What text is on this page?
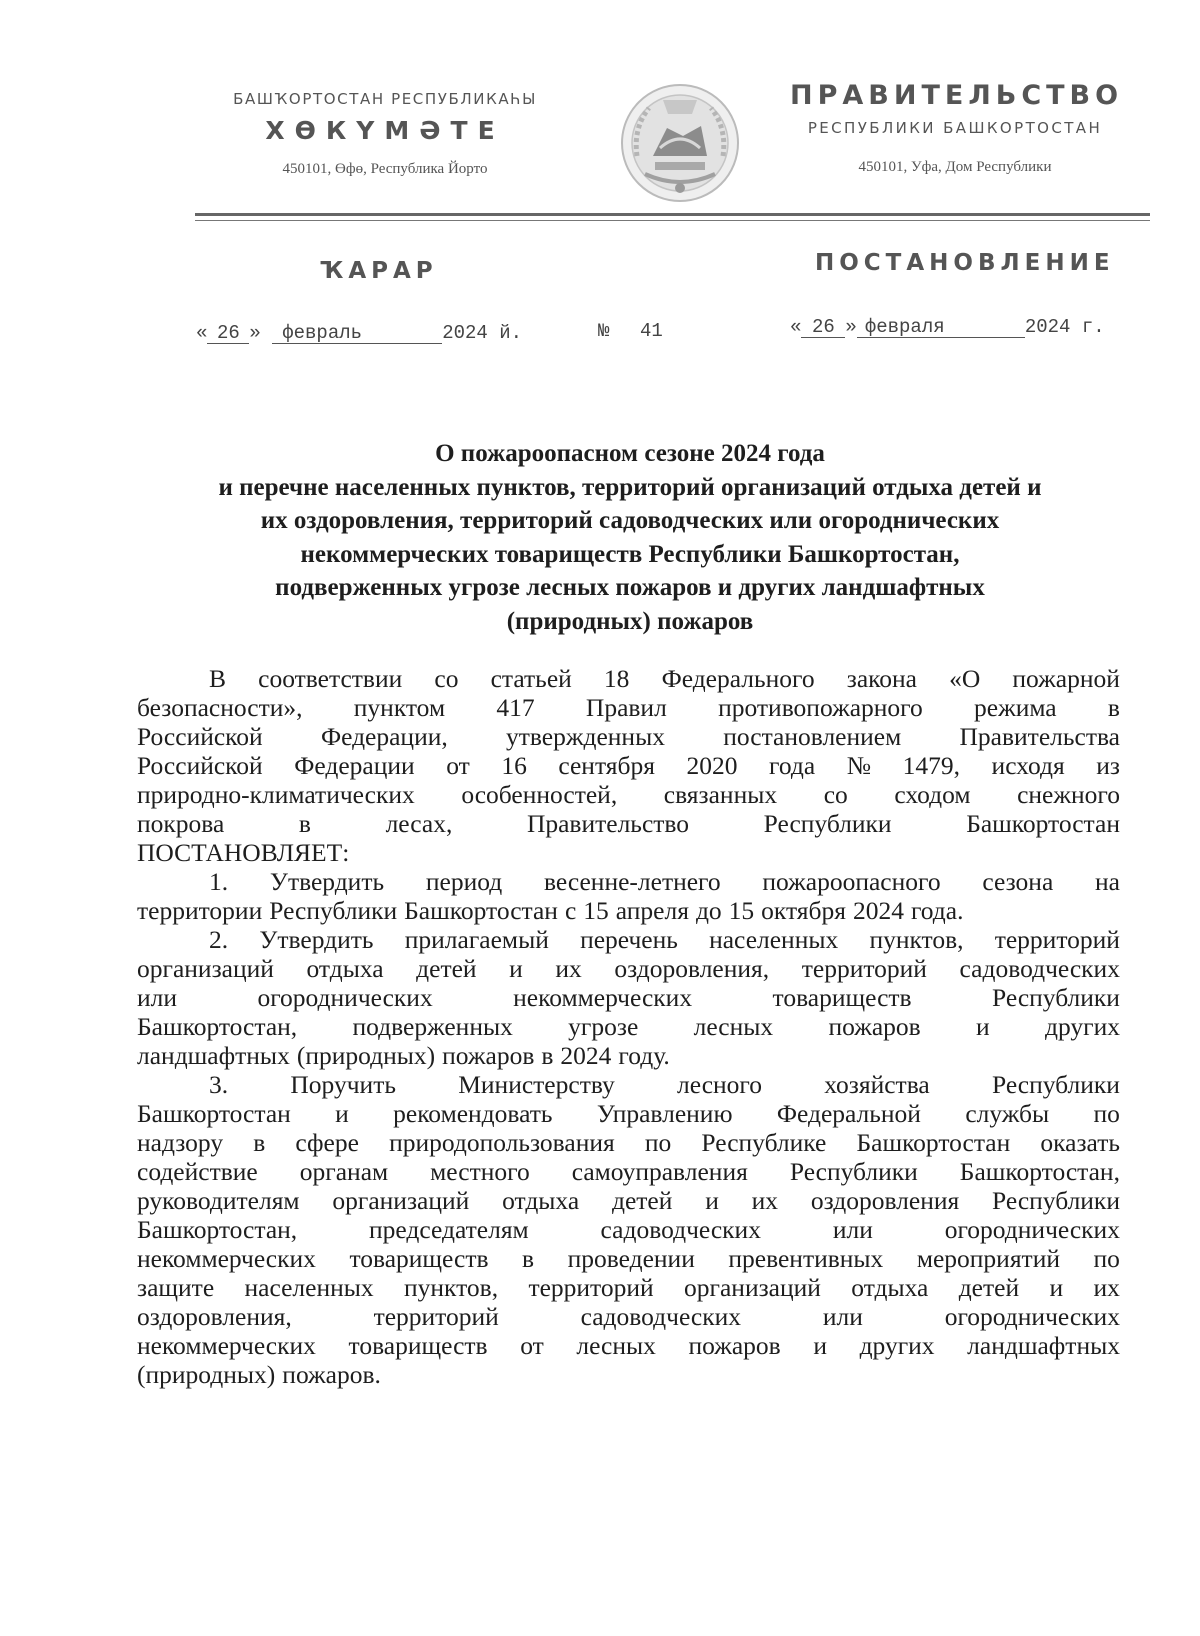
БАШҠОРТОСТАН РЕСПУБЛИКАҺЫ
ХӨКҮМӘТЕ
450101, Өфө, Республика Йорто
ПРАВИТЕЛЬСТВО
РЕСПУБЛИКИ БАШКОРТОСТАН
450101, Уфа, Дом Республики
ҠАРАР	ПОСТАНОВЛЕНИЕ
« 26 » февраль	2024 й.	№ 41	« 26 » февраля	2024 г.
О пожароопасном сезоне 2024 года
и перечне населенных пунктов, территорий организаций отдыха детей и
их оздоровления, территорий садоводческих или огороднических
некоммерческих товариществ Республики Башкортостан,
подверженных угрозе лесных пожаров и других ландшафтных
(природных) пожаров
В соответствии со статьей 18 Федерального закона «О пожарной
безопасности», пунктом 417 Правил противопожарного режима в
Российской Федерации, утвержденных постановлением Правительства
Российской Федерации от 16 сентября 2020 года № 1479, исходя из
природно-климатических особенностей, связанных со сходом снежного
покрова	в	лесах,	Правительство	Республики	Башкортостан
ПОСТАНОВЛЯЕТ:
1. Утвердить период весенне-летнего пожароопасного сезона на
территории Республики Башкортостан с 15 апреля до 15 октября 2024 года.
2. Утвердить прилагаемый перечень населенных пунктов, территорий
организаций отдыха детей и их оздоровления, территорий садоводческих
или	огороднических	некоммерческих	товариществ	Республики
Башкортостан, подверженных угрозе лесных пожаров и других
ландшафтных (природных) пожаров в 2024 году.
3. Поручить Министерству лесного хозяйства Республики
Башкортостан и рекомендовать Управлению Федеральной службы по
надзору в сфере природопользования по Республике Башкортостан оказать
содействие органам местного самоуправления Республики Башкортостан,
руководителям организаций отдыха детей и их оздоровления Республики
Башкортостан,	председателям	садоводческих	или	огороднических
некоммерческих товариществ в проведении превентивных мероприятий по
защите населенных пунктов, территорий организаций отдыха детей и их
оздоровления,	территорий	садоводческих	или	огороднических
некоммерческих товариществ от лесных пожаров и других ландшафтных
(природных) пожаров.
